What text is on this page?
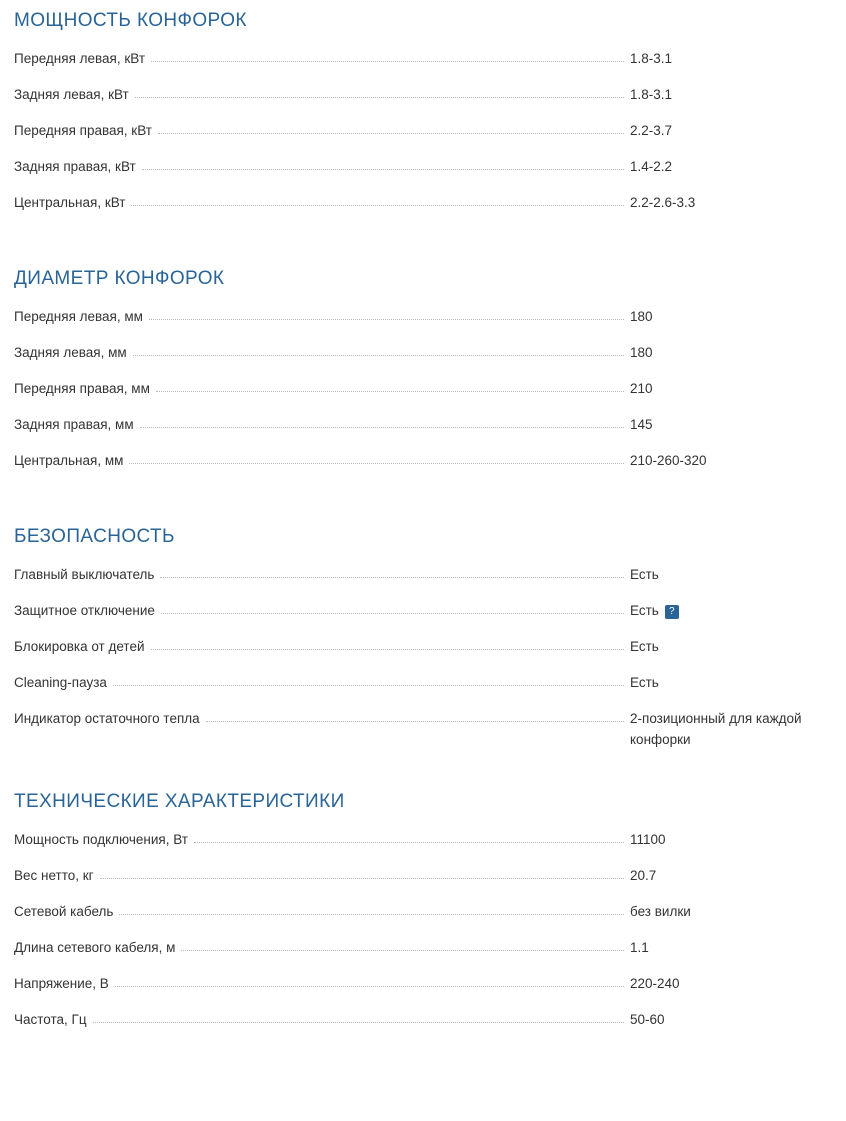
МОЩНОСТЬ КОНФОРОК
Передняя левая, кВт	1.8-3.1
Задняя левая, кВт	1.8-3.1
Передняя правая, кВт	2.2-3.7
Задняя правая, кВт	1.4-2.2
Центральная, кВт	2.2-2.6-3.3
ДИАМЕТР КОНФОРОК
Передняя левая, мм	180
Задняя левая, мм	180
Передняя правая, мм	210
Задняя правая, мм	145
Центральная, мм	210-260-320
БЕЗОПАСНОСТЬ
Главный выключатель	Есть
Защитное отключение	Есть ?
Блокировка от детей	Есть
Cleaning-пауза	Есть
Индикатор остаточного тепла	2-позиционный для каждой конфорки
ТЕХНИЧЕСКИЕ ХАРАКТЕРИСТИКИ
Мощность подключения, Вт	11100
Вес нетто, кг	20.7
Сетевой кабель	без вилки
Длина сетевого кабеля, м	1.1
Напряжение, В	220-240
Частота, Гц	50-60
